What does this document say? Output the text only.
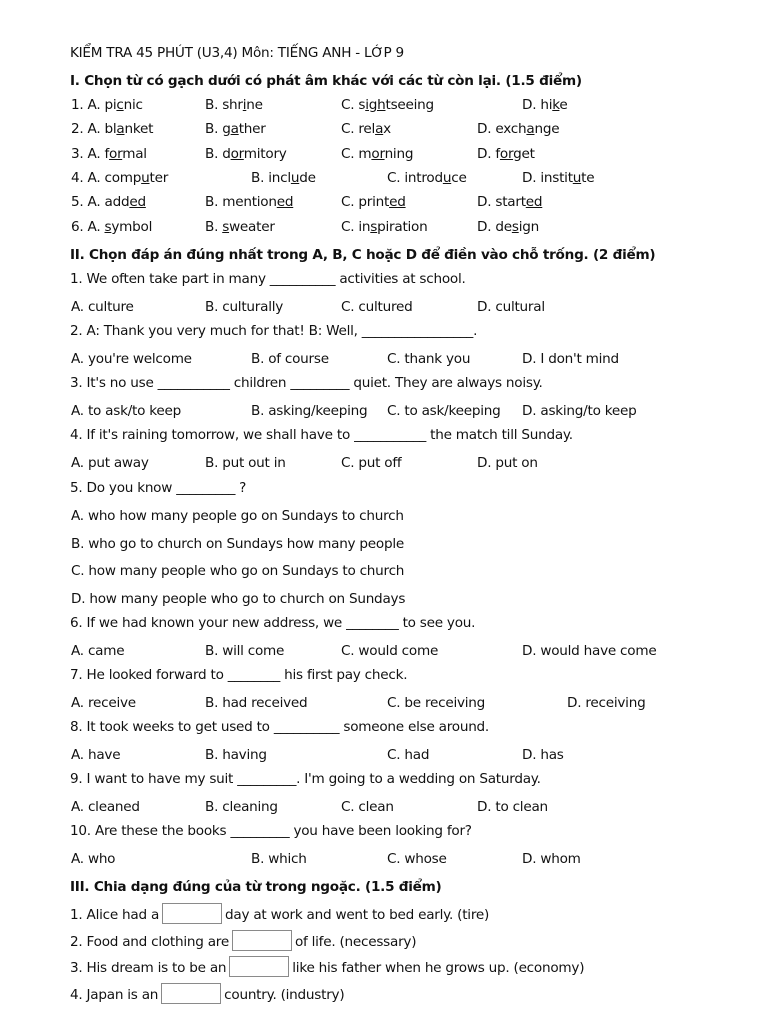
KIỂM TRA 45 PHÚT (U3,4) Môn: TIẾNG ANH - LỚP 9
I. Chọn từ có gạch dưới có phát âm khác với các từ còn lại. (1.5 điểm)
1. A. picnic	B. shrine	C. sightseeing	D. hike
2. A. blanket	B. gather	C. relax	D. exchange
3. A. formal	B. dormitory	C. morning	D. forget
4. A. computer	B. include	C. introduce	D. institute
5. A. added	B. mentioned	C. printed	D. started
6. A. symbol	B. sweater	C. inspiration	D. design
II. Chọn đáp án đúng nhất trong A, B, C hoặc D để điền vào chỗ trống. (2 điểm)
1. We often take part in many __________ activities at school.
A. culture	B. culturally	C. cultured	D. cultural
2. A: Thank you very much for that! B: Well, _________________.
A. you're welcome	B. of course	C. thank you	D. I don't mind
3. It's no use ___________ children _________ quiet. They are always noisy.
A. to ask/to keep	B. asking/keeping C. to ask/keeping D. asking/to keep
4. If it's raining tomorrow, we shall have to ___________ the match till Sunday.
A. put away	B. put out in	C. put off	D. put on
5. Do you know _________ ?
A. who how many people go on Sundays to church
B. who go to church on Sundays how many people
C. how many people who go on Sundays to church
D. how many people who go to church on Sundays
6. If we had known your new address, we ________ to see you.
A. came	B. will come	C. would come	D. would have come
7. He looked forward to ________ his first pay check.
A. receive	B. had received	C. be receiving	D. receiving
8. It took weeks to get used to __________ someone else around.
A. have	B. having	C. had	D. has
9. I want to have my suit _________. I'm going to a wedding on Saturday.
A. cleaned	B. cleaning	C. clean	D. to clean
10. Are these the books _________ you have been looking for?
A. who	B. which	C. whose	D. whom
III. Chia dạng đúng của từ trong ngoặc. (1.5 điểm)
1. Alice had a	day at work and went to bed early. (tire)
2. Food and clothing are	of life. (necessary)
3. His dream is to be an	like his father when he grows up. (economy)
4. Japan is an	country. (industry)
